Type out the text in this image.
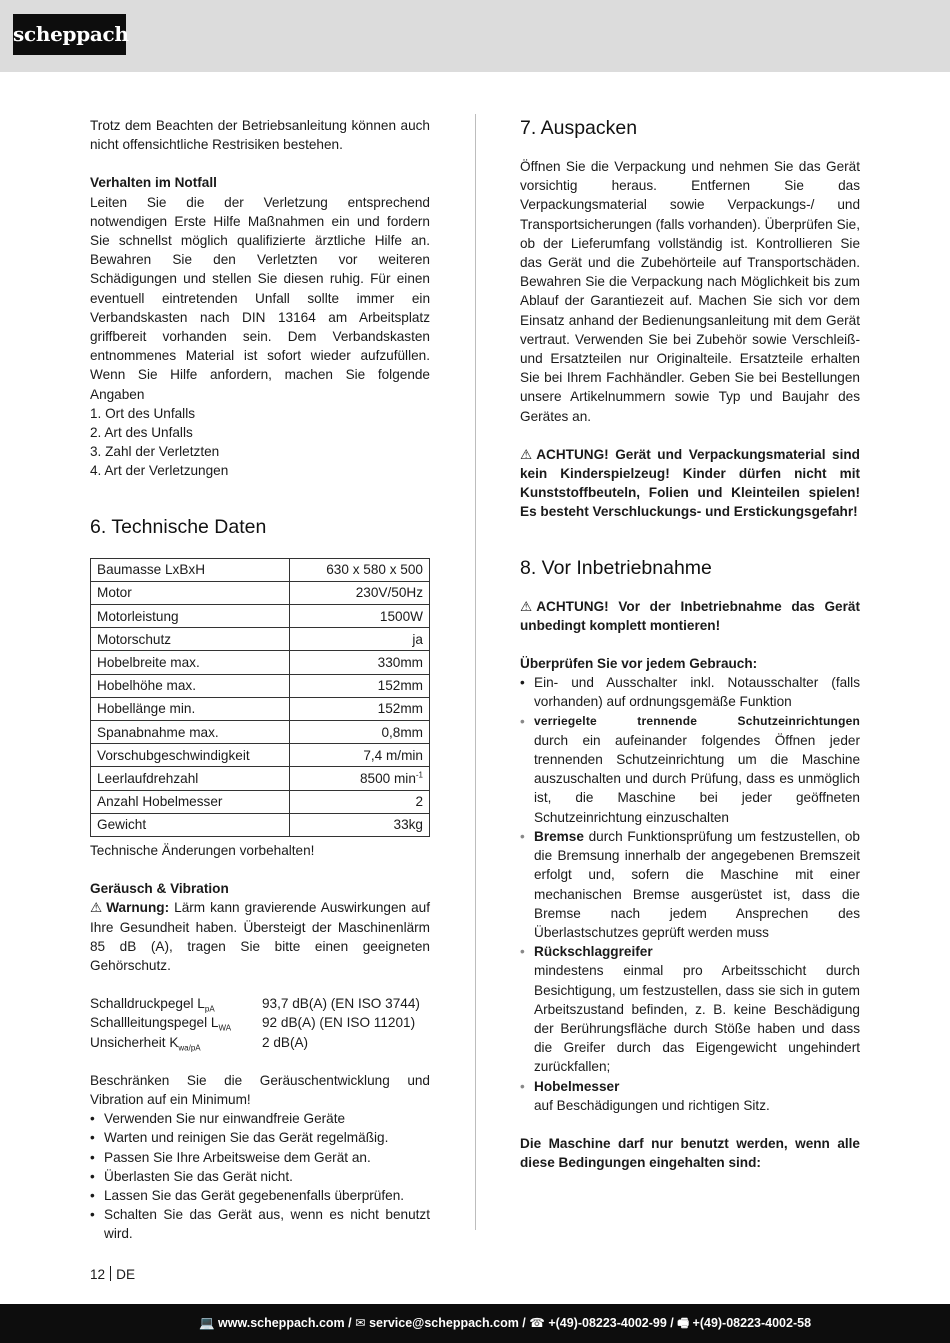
scheppach

Trotz dem Beachten der Betriebsanleitung können auch nicht offensichtliche Restrisiken bestehen.

Verhalten im Notfall

Leiten Sie die der Verletzung entsprechend notwendigen Erste Hilfe Maßnahmen ein und fordern Sie schnellst möglich qualifizierte ärztliche Hilfe an. Bewahren Sie den Verletzten vor weiteren Schädigungen und stellen Sie diesen ruhig. Für einen eventuell eintretenden Unfall sollte immer ein Verbandskasten nach DIN 13164 am Arbeitsplatz griffbereit vorhanden sein. Dem Verbandskasten entnommenes Material ist sofort wieder aufzufüllen. Wenn Sie Hilfe anfordern, machen Sie folgende Angaben

1. Ort des Unfalls
2. Art des Unfalls
3. Zahl der Verletzten
4. Art der Verletzungen
6. Technische Daten
Baumasse LxBxH	630 x 580 x 500
Motor	230V/50Hz
Motorleistung	1500W
Motorschutz	ja
Hobelbreite max.	330mm
Hobelhöhe max.	152mm
Hobellänge min.	152mm
Spanabnahme max.	0,8mm
Vorschubgeschwindigkeit	7,4 m/min
Leerlaufdrehzahl	8500 $\min^{-1}$
Anzahl Hobelmesser	2
Gewicht	33kg
Technische Änderungen vorbehalten!
Geräusch & Vibration

⚠ Warnung: Lärm kann gravierende Auswirkungen auf Ihre Gesundheit haben. Übersteigt der Maschinenlärm 85 dB (A), tragen Sie bitte einen geeigneten Gehörschutz.

Schalldruckpegel $L_{pA}$	93,7 dB(A) (EN ISO 3744)
Schallleitungspegel $L_{WA}$	92 dB(A) (EN ISO 11201)
Unsicherheit $K_{wa/pA}$	2 dB(A)

Beschränken Sie die Geräuschentwicklung und Vibration auf ein Minimum!

• Verwenden Sie nur einwandfreie Geräte
• Warten und reinigen Sie das Gerät regelmäßig.
• Passen Sie Ihre Arbeitsweise dem Gerät an.
• Überlasten Sie das Gerät nicht.
• Lassen Sie das Gerät gegebenenfalls überprüfen.
• Schalten Sie das Gerät aus, wenn es nicht benutzt wird.
7. Auspacken

Öffnen Sie die Verpackung und nehmen Sie das Gerät vorsichtig heraus. Entfernen Sie das Verpackungsmaterial sowie Verpackungs-/ und Transportsicherungen (falls vorhanden). Überprüfen Sie, ob der Lieferumfang vollständig ist. Kontrollieren Sie das Gerät und die Zubehörteile auf Transportschäden. Bewahren Sie die Verpackung nach Möglichkeit bis zum Ablauf der Garantiezeit auf. Machen Sie sich vor dem Einsatz anhand der Bedienungsanleitung mit dem Gerät vertraut. Verwenden Sie bei Zubehör sowie Verschleiß- und Ersatzteilen nur Originalteile. Ersatzteile erhalten Sie bei Ihrem Fachhändler. Geben Sie bei Bestellungen unsere Artikelnummern sowie Typ und Baujahr des Gerätes an.

⚠ ACHTUNG! Gerät und Verpackungsmaterial sind kein Kinderspielzeug! Kinder dürfen nicht mit Kunststoffbeuteln, Folien und Kleinteilen spielen! Es besteht Verschluckungs- und Erstickungsgefahr!

8. Vor Inbetriebnahme

⚠ ACHTUNG! Vor der Inbetriebnahme das Gerät unbedingt komplett montieren!

Überprüfen Sie vor jedem Gebrauch:
• Ein- und Ausschalter inkl. Notausschalter (falls vorhanden) auf ordnungsgemäße Funktion
• verriegelte trennende Schutzeinrichtungen
durch ein aufeinander folgendes Öffnen jeder trennenden Schutzeinrichtung um die Maschine auszuschalten und durch Prüfung, dass es unmöglich ist, die Maschine bei jeder geöffneten Schutzeinrichtung einzuschalten
• Bremse durch Funktionsprüfung um festzustellen, ob die Bremsung innerhalb der angegebenen Bremszeit erfolgt und, sofern die Maschine mit einer mechanischen Bremse ausgerüstet ist, dass die Bremse nach jedem Ansprechen des Überlastschutzes geprüft werden muss
• Rückschlaggreifer
mindestens einmal pro Arbeitsschicht durch Besichtigung, um festzustellen, dass sie sich in gutem Arbeitszustand befinden, z. B. keine Beschädigung der Berührungsfläche durch Stöße haben und dass die Greifer durch das Eigengewicht ungehindert zurückfallen;
• Hobelmesser
auf Beschädigungen und richtigen Sitz.

Die Maschine darf nur benutzt werden, wenn alle diese Bedingungen eingehalten sind:

12 DE
💻 www.scheppach.com / ✉ service@scheppach.com / ☎ +(49)-08223-4002-99 / 🖷 +(49)-08223-4002-58
